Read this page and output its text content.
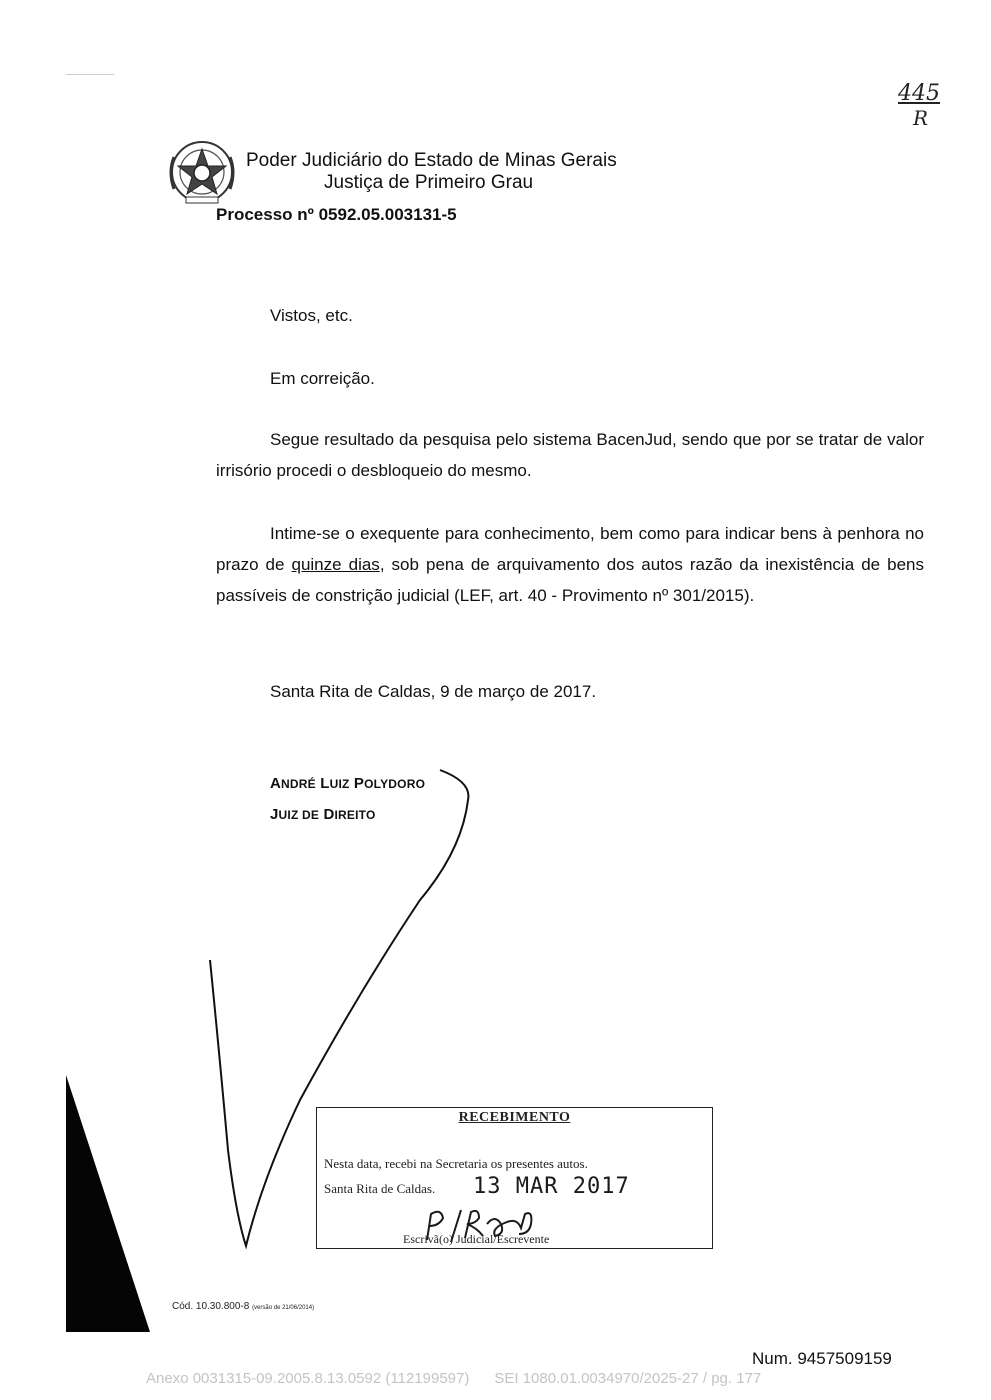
445
R
Poder Judiciário do Estado de Minas Gerais
Justiça de Primeiro Grau
Processo nº 0592.05.003131-5
Vistos, etc.
Em correição.
Segue resultado da pesquisa pelo sistema BacenJud, sendo que por se tratar de valor irrisório procedi o desbloqueio do mesmo.
Intime-se o exequente para conhecimento, bem como para indicar bens à penhora no prazo de quinze dias, sob pena de arquivamento dos autos razão da inexistência de bens passíveis de constrição judicial (LEF, art. 40 - Provimento nº 301/2015).
Santa Rita de Caldas, 9 de março de 2017.
ANDRÉ LUIZ POLYDORO
JUIZ DE DIREITO
RECEBIMENTO
Nesta data, recebi na Secretaria os presentes autos.
Santa Rita de Caldas. 13 MAR 2017
Escrivã(o) Judicial/Escrevente
Cód. 10.30.800-8 (versão de 21/06/2014)
Num. 9457509159
Anexo 0031315-09.2005.8.13.0592 (112199597)      SEI 1080.01.0034970/2025-27 / pg. 177
